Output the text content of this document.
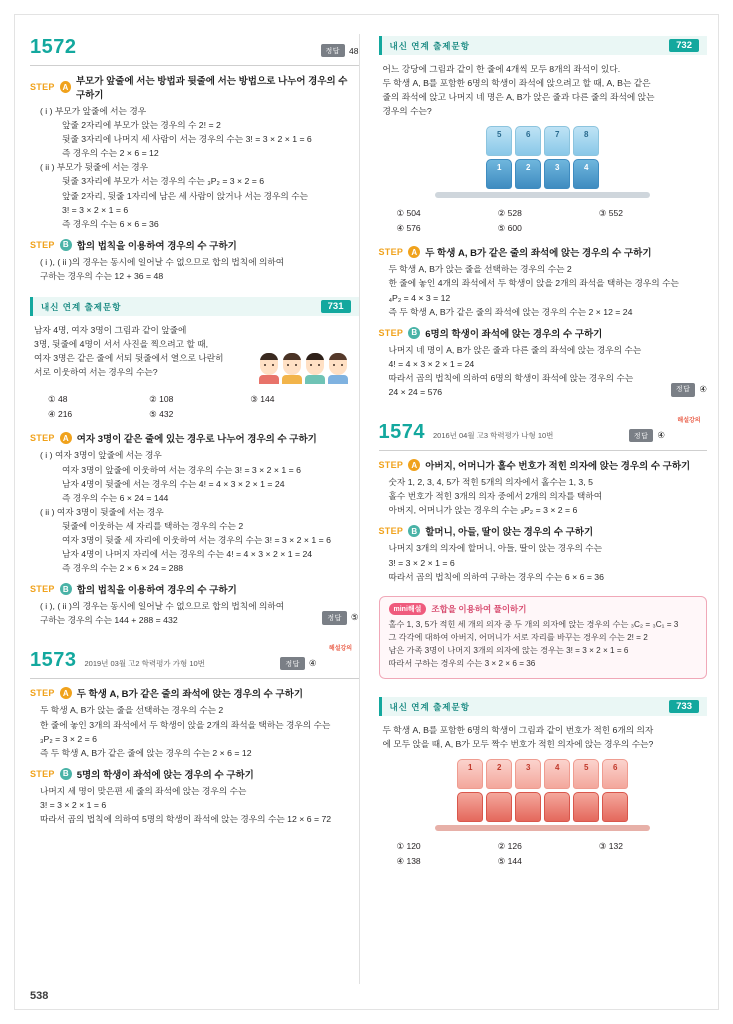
1572	정답	48
STEP A 부모가 앞줄에 서는 방법과 뒷줄에 서는 방법으로 나누어 경우의 수 구하기
( i ) 부모가 앞줄에 서는 경우
앞줄 2자리에 부모가 앉는 경우의 수 2! = 2
뒷줄 3자리에 나머지 세 사람이 서는 경우의 수는 3! = 3 × 2 × 1 = 6
즉 경우의 수는 2 × 6 = 12
( ii ) 부모가 뒷줄에 서는 경우
뒷줄 3자리에 부모가 서는 경우의 수는 ₃P₂ = 3 × 2 = 6
앞줄 2자리, 뒷줄 1자리에 남은 세 사람이 앉거나 서는 경우의 수는
3! = 3 × 2 × 1 = 6
즉 경우의 수는 6 × 6 = 36
STEP	B 합의 법칙을 이용하여 경우의 수 구하기
( i ), ( ii )의 경우는 동시에 일어날 수 없으므로 합의 법칙에 의하여
구하는 경우의 수는 12 + 36 = 48
내신 연계 출제문항	731
남자 4명, 여자 3명이 그림과 같이 앞줄에
3명, 뒷줄에 4명이 서서 사진을 찍으려고 할 때,
여자 3명은 같은 줄에 서되 뒷줄에서 열으로 나란히
서로 이웃하여 서는 경우의 수는?
① 48	② 108	③ 144
④ 216	⑤ 432
STEP	A 여자 3명이 같은 줄에 있는 경우로 나누어 경우의 수 구하기
( i ) 여자 3명이 앞줄에 서는 경우
여자 3명이 앞줄에 이웃하여 서는 경우의 수는 3! = 3 × 2 × 1 = 6
남자 4명이 뒷줄에 서는 경우의 수는 4! = 4 × 3 × 2 × 1 = 24
즉 경우의 수는 6 × 24 = 144
( ii ) 여자 3명이 뒷줄에 서는 경우
뒷줄에 이웃하는 세 자리를 택하는 경우의 수는 2
여자 3명이 뒷줄 세 자리에 이웃하여 서는 경우의 수는 3! = 3 × 2 × 1 = 6
남자 4명이 나머지 자리에 서는 경우의 수는 4! = 4 × 3 × 2 × 1 = 24
즉 경우의 수는 2 × 6 × 24 = 288
STEP	B 합의 법칙을 이용하여 경우의 수 구하기
( i ), ( ii )의 경우는 동시에 일어날 수 없으므로 합의 법칙에 의하여
구하는 경우의 수는 144 + 288 = 432	정답	⑤
1573 2019년 03월 고2 학력평가 가형 10번	정답	④
해설강의
STEP	A 두 학생 A, B가 같은 줄의 좌석에 앉는 경우의 수 구하기
두 학생 A, B가 앉는 줄을 선택하는 경우의 수는 2
한 줄에 놓인 3개의 좌석에서 두 학생이 앉을 2개의 좌석을 택하는 경우의 수는
₃P₂ = 3 × 2 = 6
즉 두 학생 A, B가 같은 줄에 앉는 경우의 수는 2 × 6 = 12
STEP	B 5명의 학생이 좌석에 앉는 경우의 수 구하기
나머지 세 명이 맞은편 세 줄의 좌석에 앉는 경우의 수는
3! = 3 × 2 × 1 = 6
따라서 곱의 법칙에 의하여 5명의 학생이 좌석에 앉는 경우의 수는 12 × 6 = 72
내신 연계 출제문항	732
어느 강당에 그림과 같이 한 줄에 4개씩 모두 8개의 좌석이 있다.
두 학생 A, B를 포함한 6명의 학생이 좌석에 앉으려고 할 때, A, B는 같은
줄의 좌석에 앉고 나머지 네 명은 A, B가 앉은 줄과 다른 줄의 좌석에 앉는
경우의 수는?
5	6	7	8
1	2	3	4
① 504	② 528	③ 552
④ 576	⑤ 600
STEP	A 두 학생 A, B가 같은 줄의 좌석에 앉는 경우의 수 구하기
두 학생 A, B가 앉는 줄을 선택하는 경우의 수는 2
한 줄에 놓인 4개의 좌석에서 두 학생이 앉을 2개의 좌석을 택하는 경우의 수는
₄P₂ = 4 × 3 = 12
즉 두 학생 A, B가 같은 줄의 좌석에 앉는 경우의 수는 2 × 12 = 24
STEP	B 6명의 학생이 좌석에 앉는 경우의 수 구하기
나머지 네 명이 A, B가 앉은 줄과 다른 줄의 좌석에 앉는 경우의 수는
4! = 4 × 3 × 2 × 1 = 24
따라서 곱의 법칙에 의하여 6명의 학생이 좌석에 앉는 경우의 수는
24 × 24 = 576	정답	④
1574 2016년 04월 고3 학력평가 나형 10번	정답	④
해설강의
STEP	A 아버지, 어머니가 홀수 번호가 적힌 의자에 앉는 경우의 수 구하기
숫자 1, 2, 3, 4, 5가 적힌 5개의 의자에서 홀수는 1, 3, 5
홀수 번호가 적힌 3개의 의자 중에서 2개의 의자를 택하여
아버지, 어머니가 앉는 경우의 수는 ₃P₂ = 3 × 2 = 6
STEP	B 할머니, 아들, 딸이 앉는 경우의 수 구하기
나머지 3개의 의자에 할머니, 아들, 딸이 앉는 경우의 수는
3! = 3 × 2 × 1 = 6
따라서 곱의 법칙에 의하여 구하는 경우의 수는 6 × 6 = 36
mini해설	조합을 이용하여 풀이하기
홀수 1, 3, 5가 적힌 세 개의 의자 중 두 개의 의자에 앉는 경우의 수는 ₃C₂ = ₃C₁ = 3
그 각각에 대하여 아버지, 어머니가 서로 자리를 바꾸는 경우의 수는 2! = 2
남은 가족 3명이 나머지 3개의 의자에 앉는 경우는 3! = 3 × 2 × 1 = 6
따라서 구하는 경우의 수는 3 × 2 × 6 = 36
내신 연계 출제문항	733
두 학생 A, B를 포함한 6명의 학생이 그림과 같이 번호가 적힌 6개의 의자
에 모두 앉을 때, A, B가 모두 짝수 번호가 적힌 의자에 앉는 경우의 수는?
1	2	3	4	5	6
① 120	② 126	③ 132
④ 138	⑤ 144
538
